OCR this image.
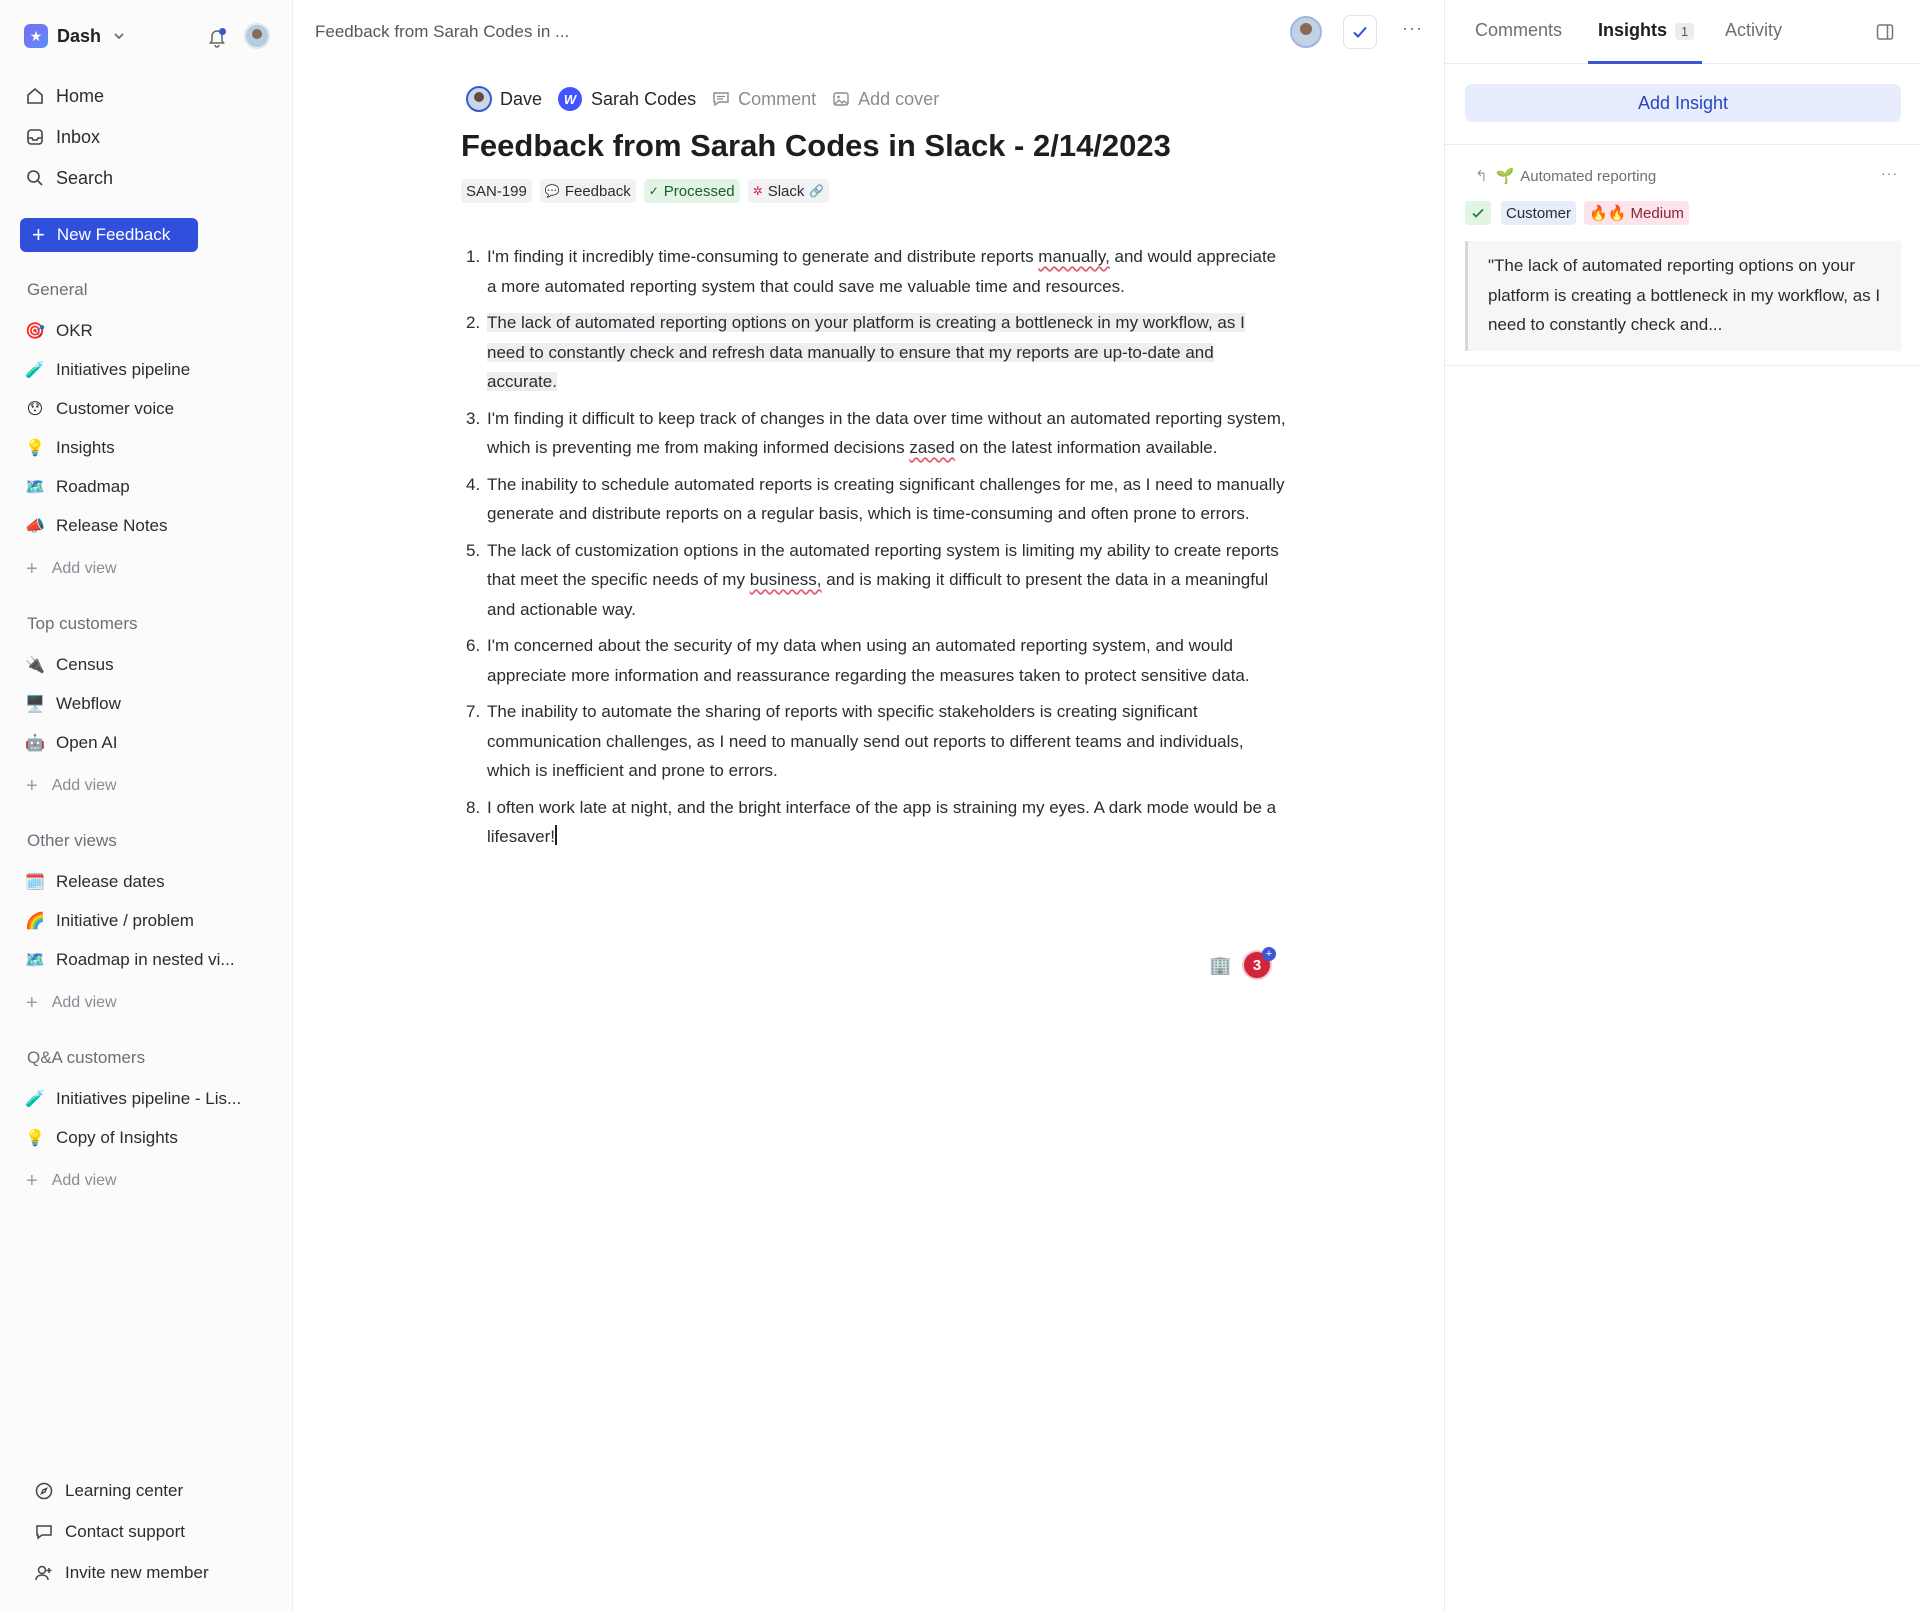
★ Dash
Home
Inbox
Search
+ New Feedback
General
🎯 OKR
🧪 Initiatives pipeline
😯 Customer voice
💡 Insights
🗺️ Roadmap
📣 Release Notes
+ Add view
Top customers
🔌 Census
🖥️ Webflow
🤖 Open AI
+ Add view
Other views
🗓️ Release dates
🌈 Initiative / problem
🗺️ Roadmap in nested vi...
+ Add view
Q&A customers
🧪 Initiatives pipeline - Lis...
💡 Copy of Insights
+ Add view
Learning center
Contact support
Invite new member
Feedback from Sarah Codes in ...	···
Dave	W Sarah Codes Comment Add cover
Feedback from Sarah Codes in Slack - 2/14/2023
SAN-199	💬 Feedback ✓ Processed ✲ Slack 🔗
1. I'm finding it incredibly time-consuming to generate and distribute reports manually, and would appreciate a more automated reporting system that could save me valuable time and resources.
2. The lack of automated reporting options on your platform is creating a bottleneck in my workflow, as I need to constantly check and refresh data manually to ensure that my reports are up-to-date and accurate.
3. I'm finding it difficult to keep track of changes in the data over time without an automated reporting system, which is preventing me from making informed decisions zased on the latest information available.
4. The inability to schedule automated reports is creating significant challenges for me, as I need to manually generate and distribute reports on a regular basis, which is time-consuming and often prone to errors.
5. The lack of customization options in the automated reporting system is limiting my ability to create reports that meet the specific needs of my business, and is making it difficult to present the data in a meaningful and actionable way.
6. I'm concerned about the security of my data when using an automated reporting system, and would appreciate more information and reassurance regarding the measures taken to protect sensitive data.
7. The inability to automate the sharing of reports with specific stakeholders is creating significant communication challenges, as I need to manually send out reports to different teams and individuals, which is inefficient and prone to errors.
8. I often work late at night, and the bright interface of the app is straining my eyes. A dark mode would be a lifesaver!
🏢	3
+
Comments Insights 1	Activity
Add Insight
↰ 🌱 Automated reporting	···
Customer	🔥🔥 Medium
"The lack of automated reporting options on your platform is creating a bottleneck in my workflow, as I need to constantly check and...
